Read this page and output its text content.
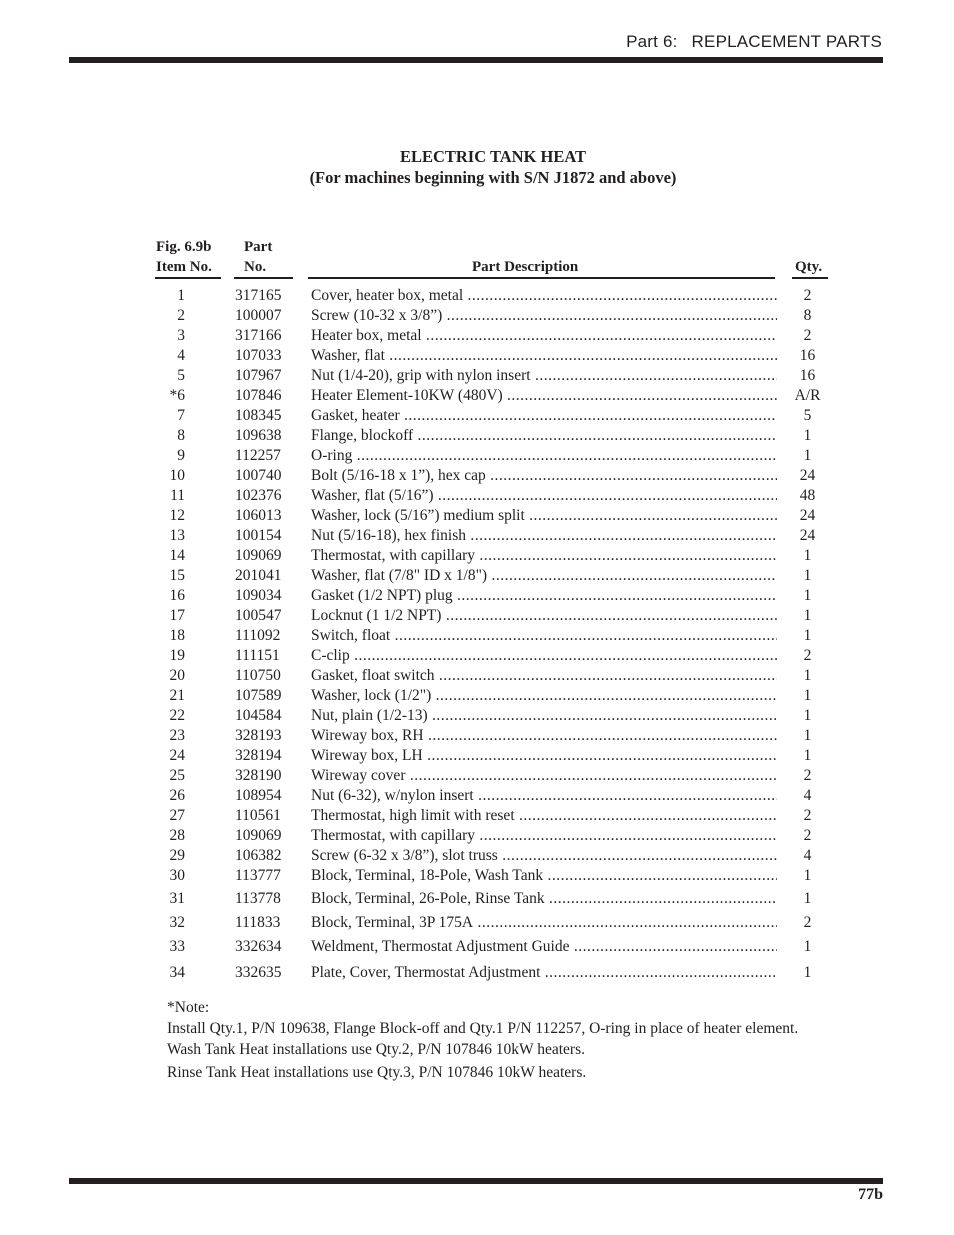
Part 6: REPLACEMENT PARTS
ELECTRIC TANK HEAT
(For machines beginning with S/N J1872 and above)
Fig. 6.9b
Item No.
Part
No.	Part Description	Qty.
1	317165 Cover, heater box, metal .....	2
2	100007 Screw (10-32 x 3/8”) .....	8
3	317166 Heater box, metal .....	2
4	107033 Washer, flat .....	16
5	107967 Nut (1/4-20), grip with nylon insert .....	16
*6	107846 Heater Element-10KW (480V) .....	A/R
7	108345 Gasket, heater .....	5
8	109638 Flange, blockoff .....	1
9	112257 O-ring .....	1
10	100740 Bolt (5/16-18 x 1”), hex cap .....	24
11	102376 Washer, flat (5/16”) .....	48
12	106013 Washer, lock (5/16”) medium split .....	24
13	100154 Nut (5/16-18), hex finish .....	24
14	109069 Thermostat, with capillary .....	1
15	201041 Washer, flat (7/8" ID x 1/8") .....	1
16	109034 Gasket (1/2 NPT) plug .....	1
17	100547 Locknut (1 1/2 NPT) .....	1
18	111092 Switch, float .....	1
19	111151 C-clip .....	2
20	110750 Gasket, float switch .....	1
21	107589 Washer, lock (1/2") .....	1
22	104584 Nut, plain (1/2-13) .....	1
23	328193 Wireway box, RH .....	1
24	328194 Wireway box, LH .....	1
25	328190 Wireway cover .....	2
26	108954 Nut (6-32), w/nylon insert .....	4
27	110561 Thermostat, high limit with reset .....	2
28	109069 Thermostat, with capillary .....	2
29	106382 Screw (6-32 x 3/8”), slot truss .....	4
30	113777 Block, Terminal, 18-Pole, Wash Tank .....	1
31	113778 Block, Terminal, 26-Pole, Rinse Tank .....	1
32	111833 Block, Terminal, 3P 175A .....	2
33	332634 Weldment, Thermostat Adjustment Guide .....	1
34	332635 Plate, Cover, Thermostat Adjustment .....	1
*Note:
Install Qty.1, P/N 109638, Flange Block-off and Qty.1 P/N 112257, O-ring in place of heater element.
Wash Tank Heat installations use Qty.2, P/N 107846 10kW heaters.
Rinse Tank Heat installations use Qty.3, P/N 107846 10kW heaters.
77b
